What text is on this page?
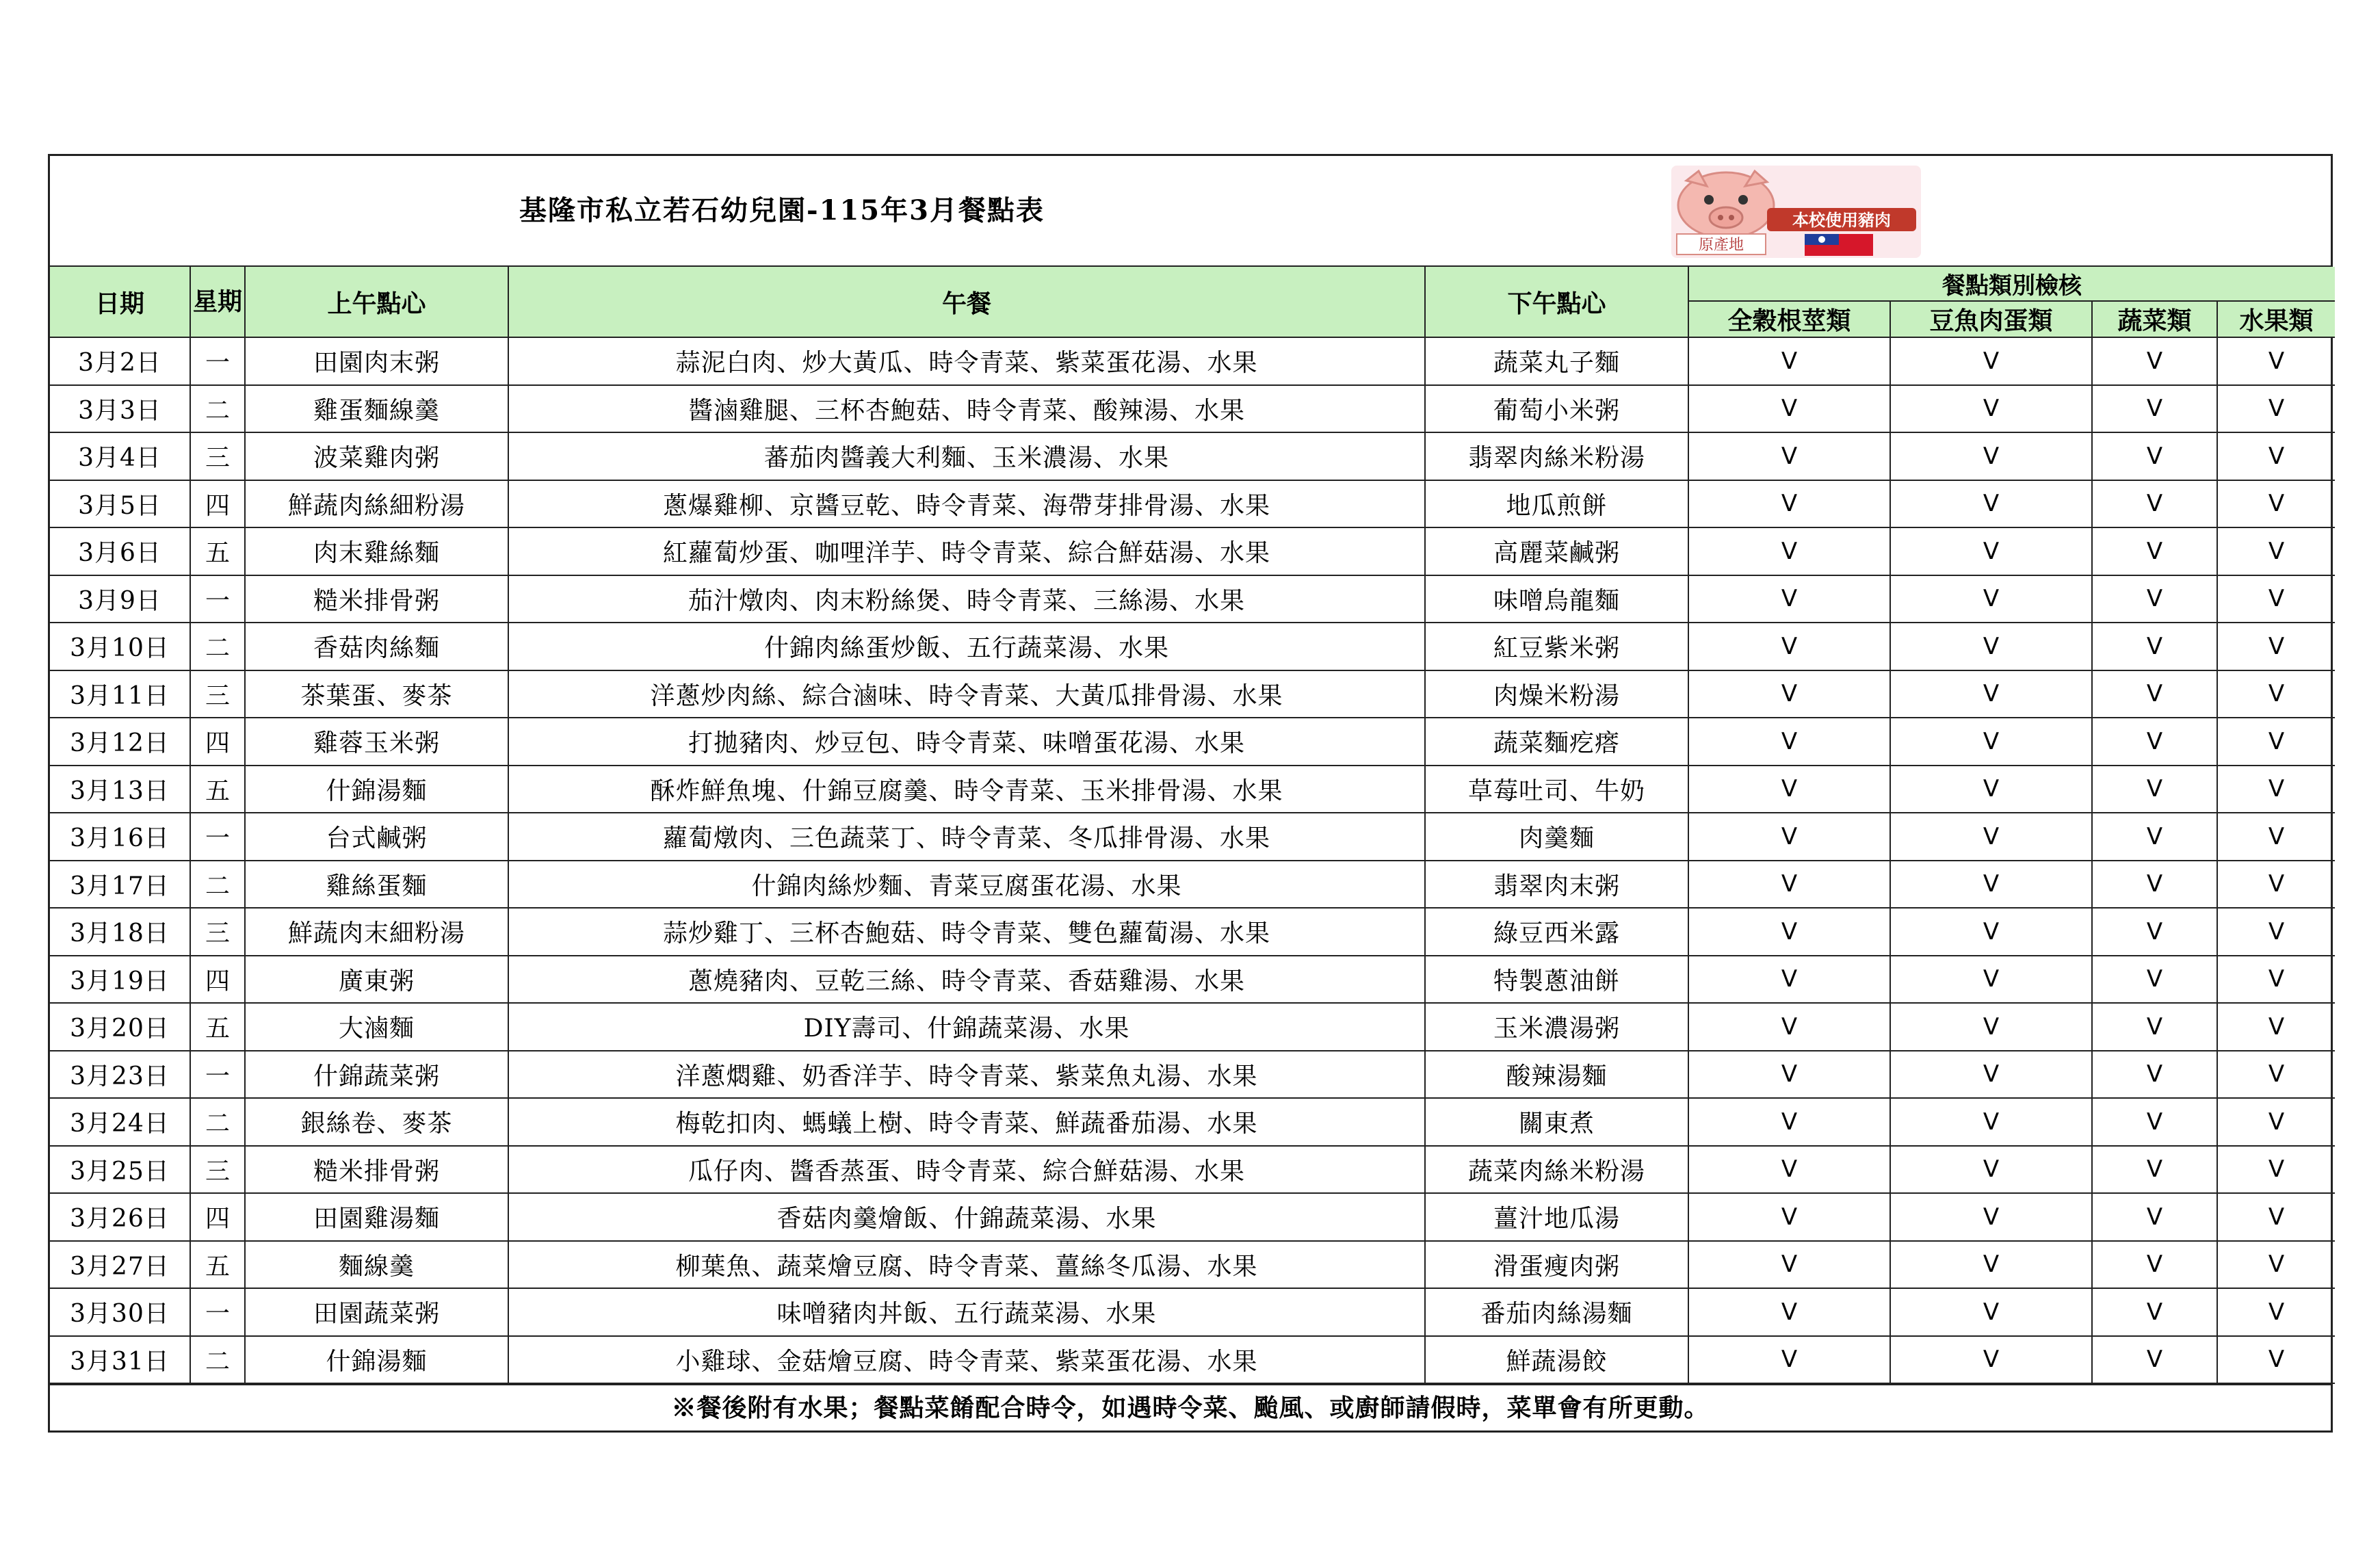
基隆市私立若石幼兒園-115年3月餐點表	本校使用豬肉
原產地
日期	星期	上午點心	午餐	下午點心	餐點類別檢核			
					全穀根莖類	豆魚肉蛋類	蔬菜類	水果類
3月2日	一	田園肉末粥	蒜泥白肉、炒大黃瓜、時令青菜、紫菜蛋花湯、水果	蔬菜丸子麵	V	V	V	V
3月3日	二	雞蛋麵線羹	醬滷雞腿、三杯杏鮑菇、時令青菜、酸辣湯、水果	葡萄小米粥	V	V	V	V
3月4日	三	波菜雞肉粥	蕃茄肉醬義大利麵、玉米濃湯、水果	翡翠肉絲米粉湯	V	V	V	V
3月5日	四	鮮蔬肉絲細粉湯	蔥爆雞柳、京醬豆乾、時令青菜、海帶芽排骨湯、水果	地瓜煎餅	V	V	V	V
3月6日	五	肉末雞絲麵	紅蘿蔔炒蛋、咖哩洋芋、時令青菜、綜合鮮菇湯、水果	高麗菜鹹粥	V	V	V	V
3月9日	一	糙米排骨粥	茄汁燉肉、肉末粉絲煲、時令青菜、三絲湯、水果	味噌烏龍麵	V	V	V	V
3月10日	二	香菇肉絲麵	什錦肉絲蛋炒飯、五行蔬菜湯、水果	紅豆紫米粥	V	V	V	V
3月11日	三	茶葉蛋、麥茶	洋蔥炒肉絲、綜合滷味、時令青菜、大黃瓜排骨湯、水果	肉燥米粉湯	V	V	V	V
3月12日	四	雞蓉玉米粥	打拋豬肉、炒豆包、時令青菜、味噌蛋花湯、水果	蔬菜麵疙瘩	V	V	V	V
3月13日	五	什錦湯麵	酥炸鮮魚塊、什錦豆腐羹、時令青菜、玉米排骨湯、水果	草莓吐司、牛奶	V	V	V	V
3月16日	一	台式鹹粥	蘿蔔燉肉、三色蔬菜丁、時令青菜、冬瓜排骨湯、水果	肉羹麵	V	V	V	V
3月17日	二	雞絲蛋麵	什錦肉絲炒麵、青菜豆腐蛋花湯、水果	翡翠肉末粥	V	V	V	V
3月18日	三	鮮蔬肉末細粉湯	蒜炒雞丁、三杯杏鮑菇、時令青菜、雙色蘿蔔湯、水果	綠豆西米露	V	V	V	V
3月19日	四	廣東粥	蔥燒豬肉、豆乾三絲、時令青菜、香菇雞湯、水果	特製蔥油餅	V	V	V	V
3月20日	五	大滷麵	DIY壽司、什錦蔬菜湯、水果	玉米濃湯粥	V	V	V	V
3月23日	一	什錦蔬菜粥	洋蔥燜雞、奶香洋芋、時令青菜、紫菜魚丸湯、水果	酸辣湯麵	V	V	V	V
3月24日	二	銀絲卷、麥茶	梅乾扣肉、螞蟻上樹、時令青菜、鮮蔬番茄湯、水果	關東煮	V	V	V	V
3月25日	三	糙米排骨粥	瓜仔肉、醬香蒸蛋、時令青菜、綜合鮮菇湯、水果	蔬菜肉絲米粉湯	V	V	V	V
3月26日	四	田園雞湯麵	香菇肉羹燴飯、什錦蔬菜湯、水果	薑汁地瓜湯	V	V	V	V
3月27日	五	麵線羹	柳葉魚、蔬菜燴豆腐、時令青菜、薑絲冬瓜湯、水果	滑蛋瘦肉粥	V	V	V	V
3月30日	一	田園蔬菜粥	味噌豬肉丼飯、五行蔬菜湯、水果	番茄肉絲湯麵	V	V	V	V
3月31日	二	什錦湯麵	小雞球、金菇燴豆腐、時令青菜、紫菜蛋花湯、水果	鮮蔬湯餃	V	V	V	V
※餐後附有水果；餐點菜餚配合時令，如遇時令菜、颱風、或廚師請假時，菜單會有所更動。
